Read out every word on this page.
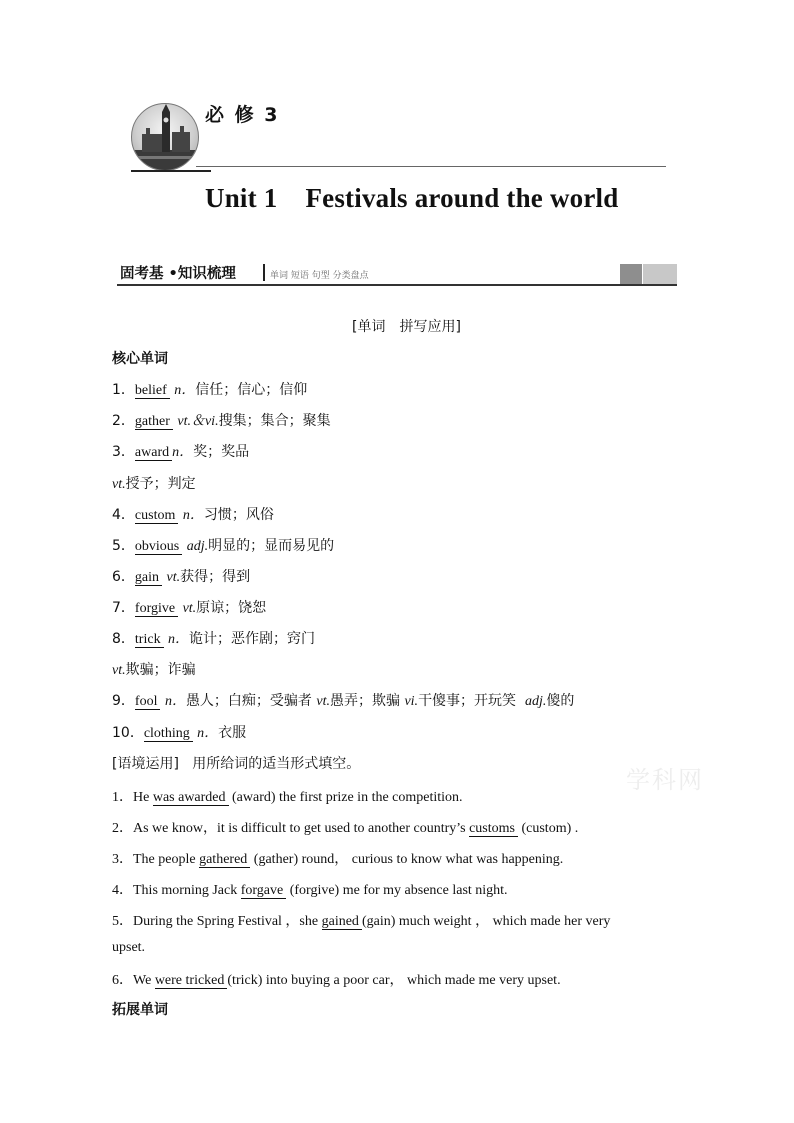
必 修 3
Unit 1 Festivals around the world
固考基 •知识梳理	单词 短语 句型 分类盘点
[单词　拼写应用]
核心单词
1．belief n．信任；信心；信仰
2．gather vt.＆vi.搜集；集合；聚集
3．award n．奖；奖品
vt.授予；判定
4．custom n．习惯；风俗
5．obvious adj.明显的；显而易见的
6．gain vt.获得；得到
7．forgive vt.原谅；饶恕
8．trick n．诡计；恶作剧；窍门
vt.欺骗；诈骗
9．fool n．愚人；白痴；受骗者 vt.愚弄；欺骗 vi.干傻事；开玩笑 adj.傻的
10．clothing n．衣服
[语境运用] 用所给词的适当形式填空。
1．He was awarded (award) the first prize in the competition.
2．As we know，it is difficult to get used to another country’s customs (custom) .
3．The people gathered (gather) round， curious to know what was happening.
4．This morning Jack forgave (forgive) me for my absence last night.
5．During the Spring Festival ，she gained(gain) much weight ， which made her very
upset.
6．We were tricked (trick) into buying a poor car， which made me very upset.
拓展单词
学科网
